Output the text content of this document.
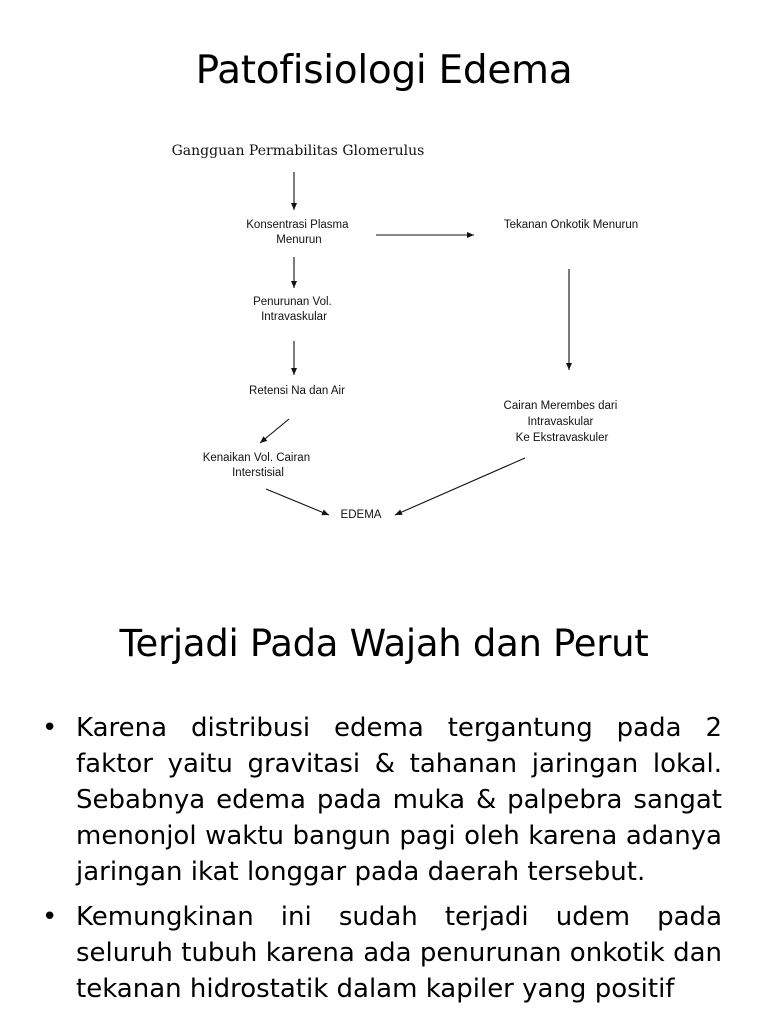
Patofisiologi Edema
Gangguan Permabilitas Glomerulus
Konsentrasi Plasma Menurun
Tekanan Onkotik Menurun
Penurunan Vol. Intravaskular
Retensi Na dan Air
Cairan Merembes dari Intravaskular Ke Ekstravaskuler
Kenaikan Vol. Cairan Interstisial
EDEMA
Terjadi Pada Wajah dan Perut
• Karena distribusi edema tergantung pada 2 faktor yaitu gravitasi & tahanan jaringan lokal. Sebabnya edema pada muka & palpebra sangat menonjol waktu bangun pagi oleh karena adanya jaringan ikat longgar pada daerah tersebut.
• Kemungkinan ini sudah terjadi udem pada seluruh tubuh karena ada penurunan onkotik dan tekanan hidrostatik dalam kapiler yang positif
